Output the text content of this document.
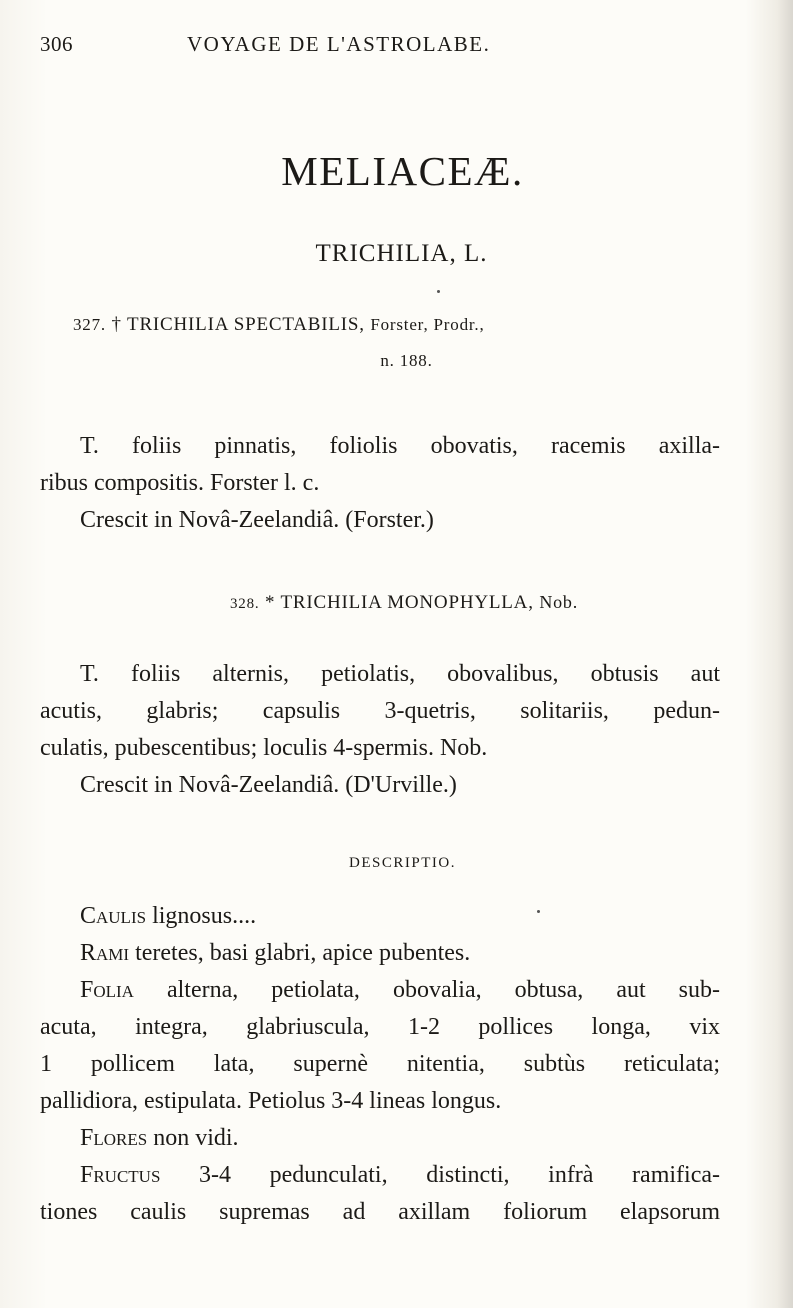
306	VOYAGE DE L'ASTROLABE.
MELIACEÆ.
TRICHILIA, L.
327. † TRICHILIA SPECTABILIS, Forster, Prodr.,
n. 188.
T. foliis pinnatis, foliolis obovatis, racemis axilla-
ribus compositis. Forster l. c.
Crescit in Novâ-Zeelandiâ. (Forster.)
328. * TRICHILIA MONOPHYLLA, Nob.
T. foliis alternis, petiolatis, obovalibus, obtusis aut
acutis, glabris; capsulis 3-quetris, solitariis, pedun-
culatis, pubescentibus; loculis 4-spermis. Nob.
Crescit in Novâ-Zeelandiâ. (D'Urville.)
DESCRIPTIO.
Caulis lignosus....
Rami teretes, basi glabri, apice pubentes.
Folia alterna, petiolata, obovalia, obtusa, aut sub-
acuta, integra, glabriuscula, 1-2 pollices longa, vix
1 pollicem lata, supernè nitentia, subtùs reticulata;
pallidiora, estipulata. Petiolus 3-4 lineas longus.
Flores non vidi.
Fructus 3-4 pedunculati, distincti, infrà ramifica-
tiones caulis supremas ad axillam foliorum elapsorum
